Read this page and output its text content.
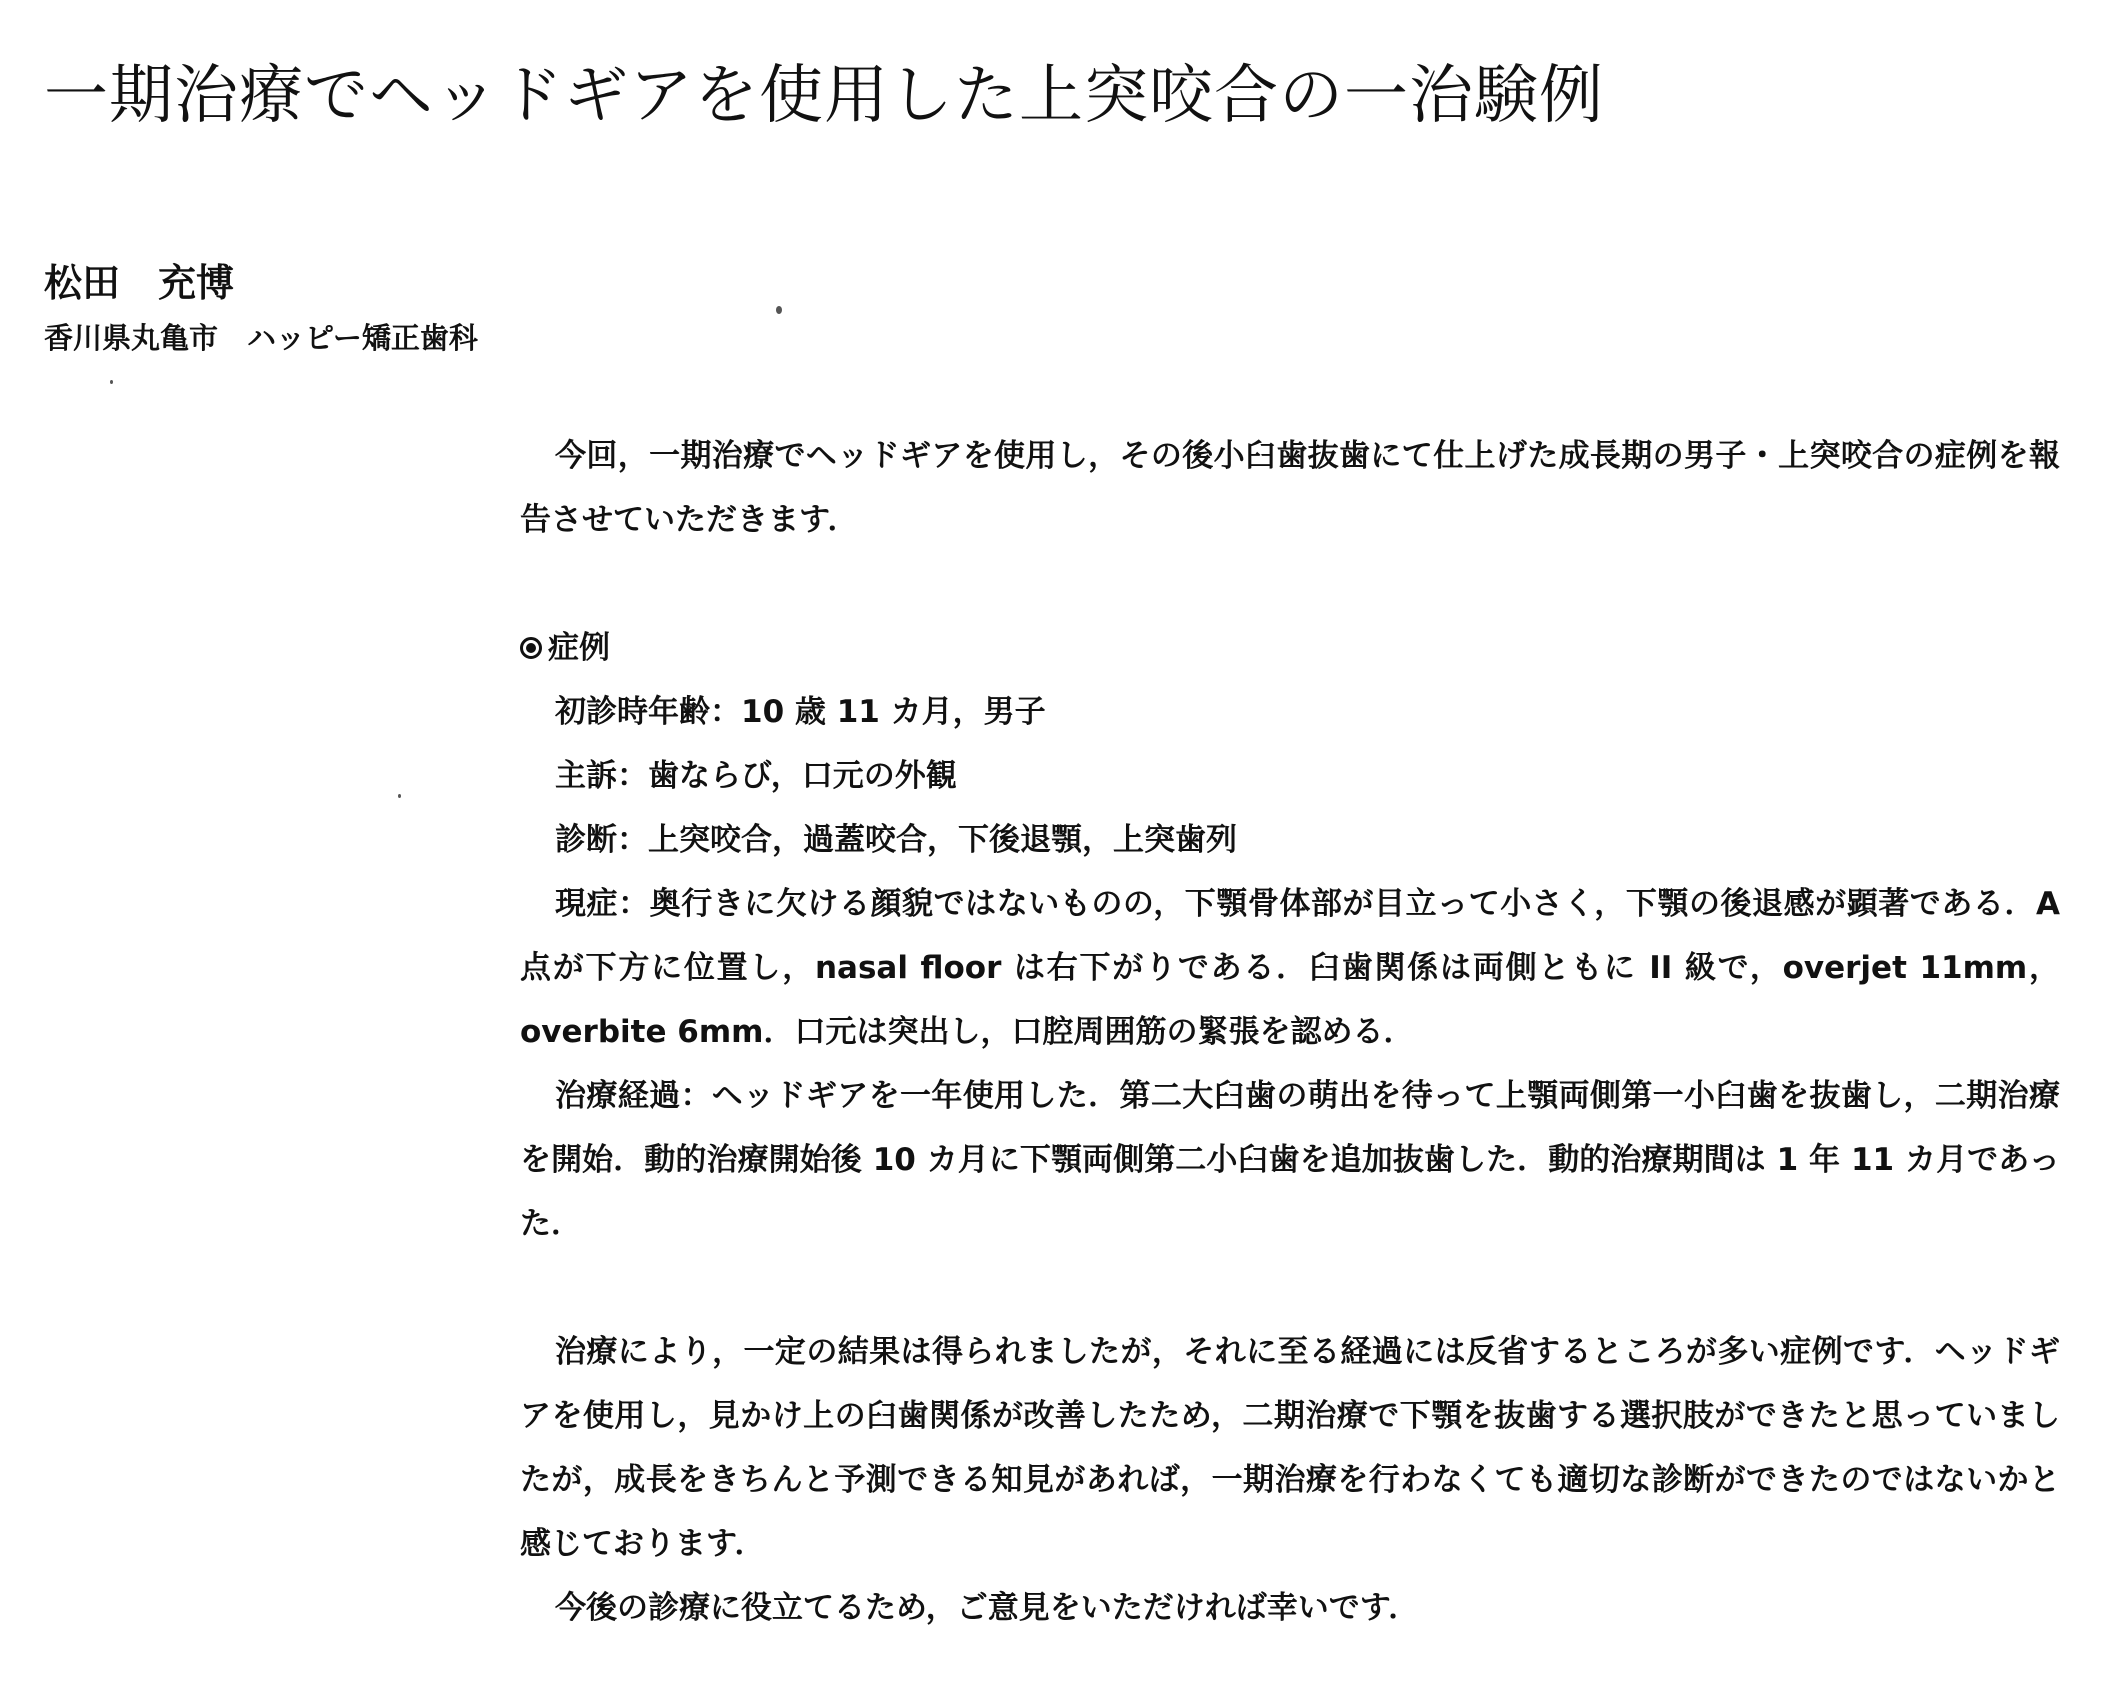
一期治療でヘッドギアを使用した上突咬合の一治験例
松田　充博
香川県丸亀市　ハッピー矯正歯科

今回，一期治療でヘッドギアを使用し，その後小臼歯抜歯にて仕上げた成長期の男子・上突咬合の症例を報告させていただきます．

症例

初診時年齢：10 歳 11 カ月，男子

主訴：歯ならび，口元の外観

診断：上突咬合，過蓋咬合，下後退顎，上突歯列

現症：奥行きに欠ける顔貌ではないものの，下顎骨体部が目立って小さく，下顎の後退感が顕著である．A 点が下方に位置し，nasal floor は右下がりである．臼歯関係は両側ともに II 級で，overjet 11mm，overbite 6mm．口元は突出し，口腔周囲筋の緊張を認める．

治療経過：ヘッドギアを一年使用した．第二大臼歯の萌出を待って上顎両側第一小臼歯を抜歯し，二期治療を開始．動的治療開始後 10 カ月に下顎両側第二小臼歯を追加抜歯した．動的治療期間は 1 年 11 カ月であった．

治療により，一定の結果は得られましたが，それに至る経過には反省するところが多い症例です．ヘッドギアを使用し，見かけ上の臼歯関係が改善したため，二期治療で下顎を抜歯する選択肢ができたと思っていましたが，成長をきちんと予測できる知見があれば，一期治療を行わなくても適切な診断ができたのではないかと感じております．

今後の診療に役立てるため，ご意見をいただければ幸いです．
